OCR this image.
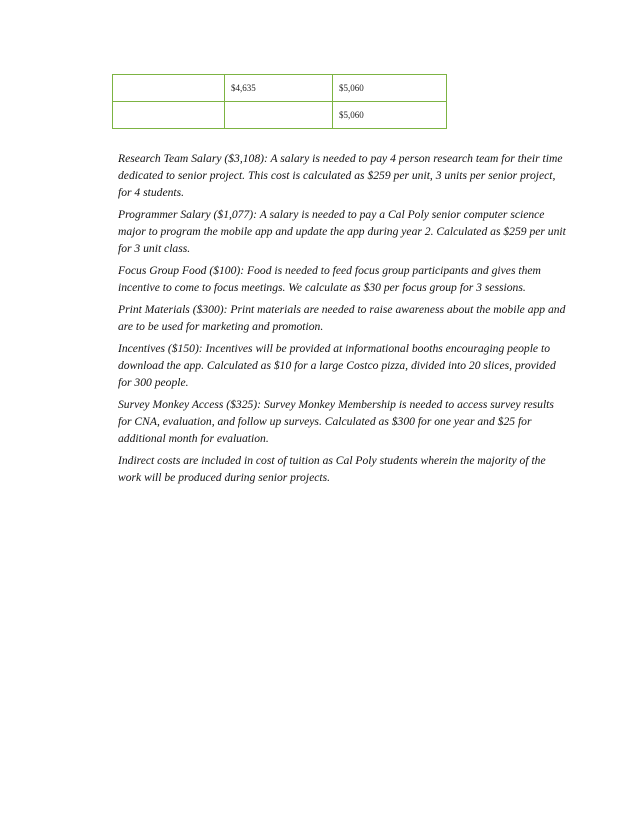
	$4,635	$5,060
		$5,060

Research Team Salary ($3,108): A salary is needed to pay 4 person research team for their time dedicated to senior project. This cost is calculated as $259 per unit, 3 units per senior project, for 4 students.

Programmer Salary ($1,077): A salary is needed to pay a Cal Poly senior computer science major to program the mobile app and update the app during year 2. Calculated as $259 per unit for 3 unit class.

Focus Group Food ($100): Food is needed to feed focus group participants and gives them incentive to come to focus meetings. We calculate as $30 per focus group for 3 sessions.

Print Materials ($300): Print materials are needed to raise awareness about the mobile app and are to be used for marketing and promotion.

Incentives ($150): Incentives will be provided at informational booths encouraging people to download the app. Calculated as $10 for a large Costco pizza, divided into 20 slices, provided for 300 people.

Survey Monkey Access ($325): Survey Monkey Membership is needed to access survey results for CNA, evaluation, and follow up surveys. Calculated as $300 for one year and $25 for additional month for evaluation.

Indirect costs are included in cost of tuition as Cal Poly students wherein the majority of the work will be produced during senior projects.
